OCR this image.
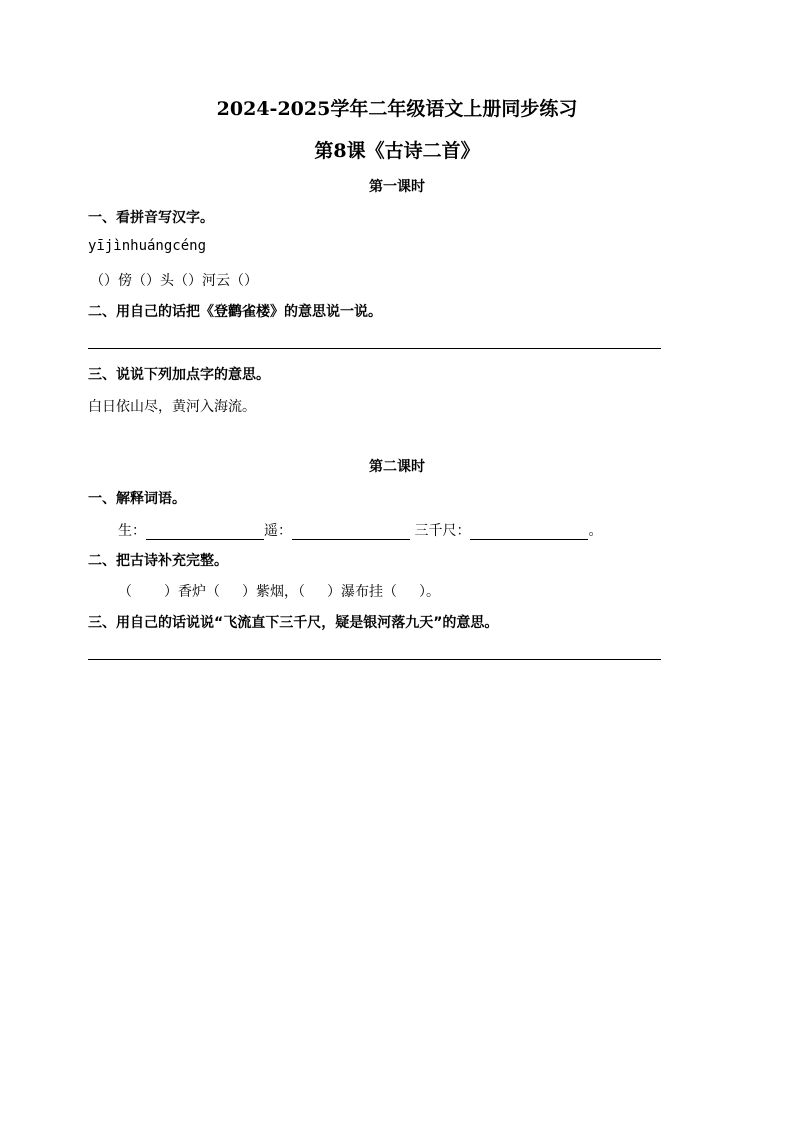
2024-2025学年二年级语文上册同步练习
第8课《古诗二首》
第一课时
一、看拼音写汉字。
yīјìnhuángcéng
（）傍（）头（）河云（）
二、用自己的话把《登鹳雀楼》的意思说一说。
三、说说下列加点字的意思。
白日依山尽，黄河入海流。
第二课时
一、解释词语。
生：	遥：	三千尺：	。
二、把古诗补充完整。
（ ）香炉（ ）紫烟，（ ）瀑布挂（ ）。
三、用自己的话说说“飞流直下三千尺，疑是银河落九天”的意思。
